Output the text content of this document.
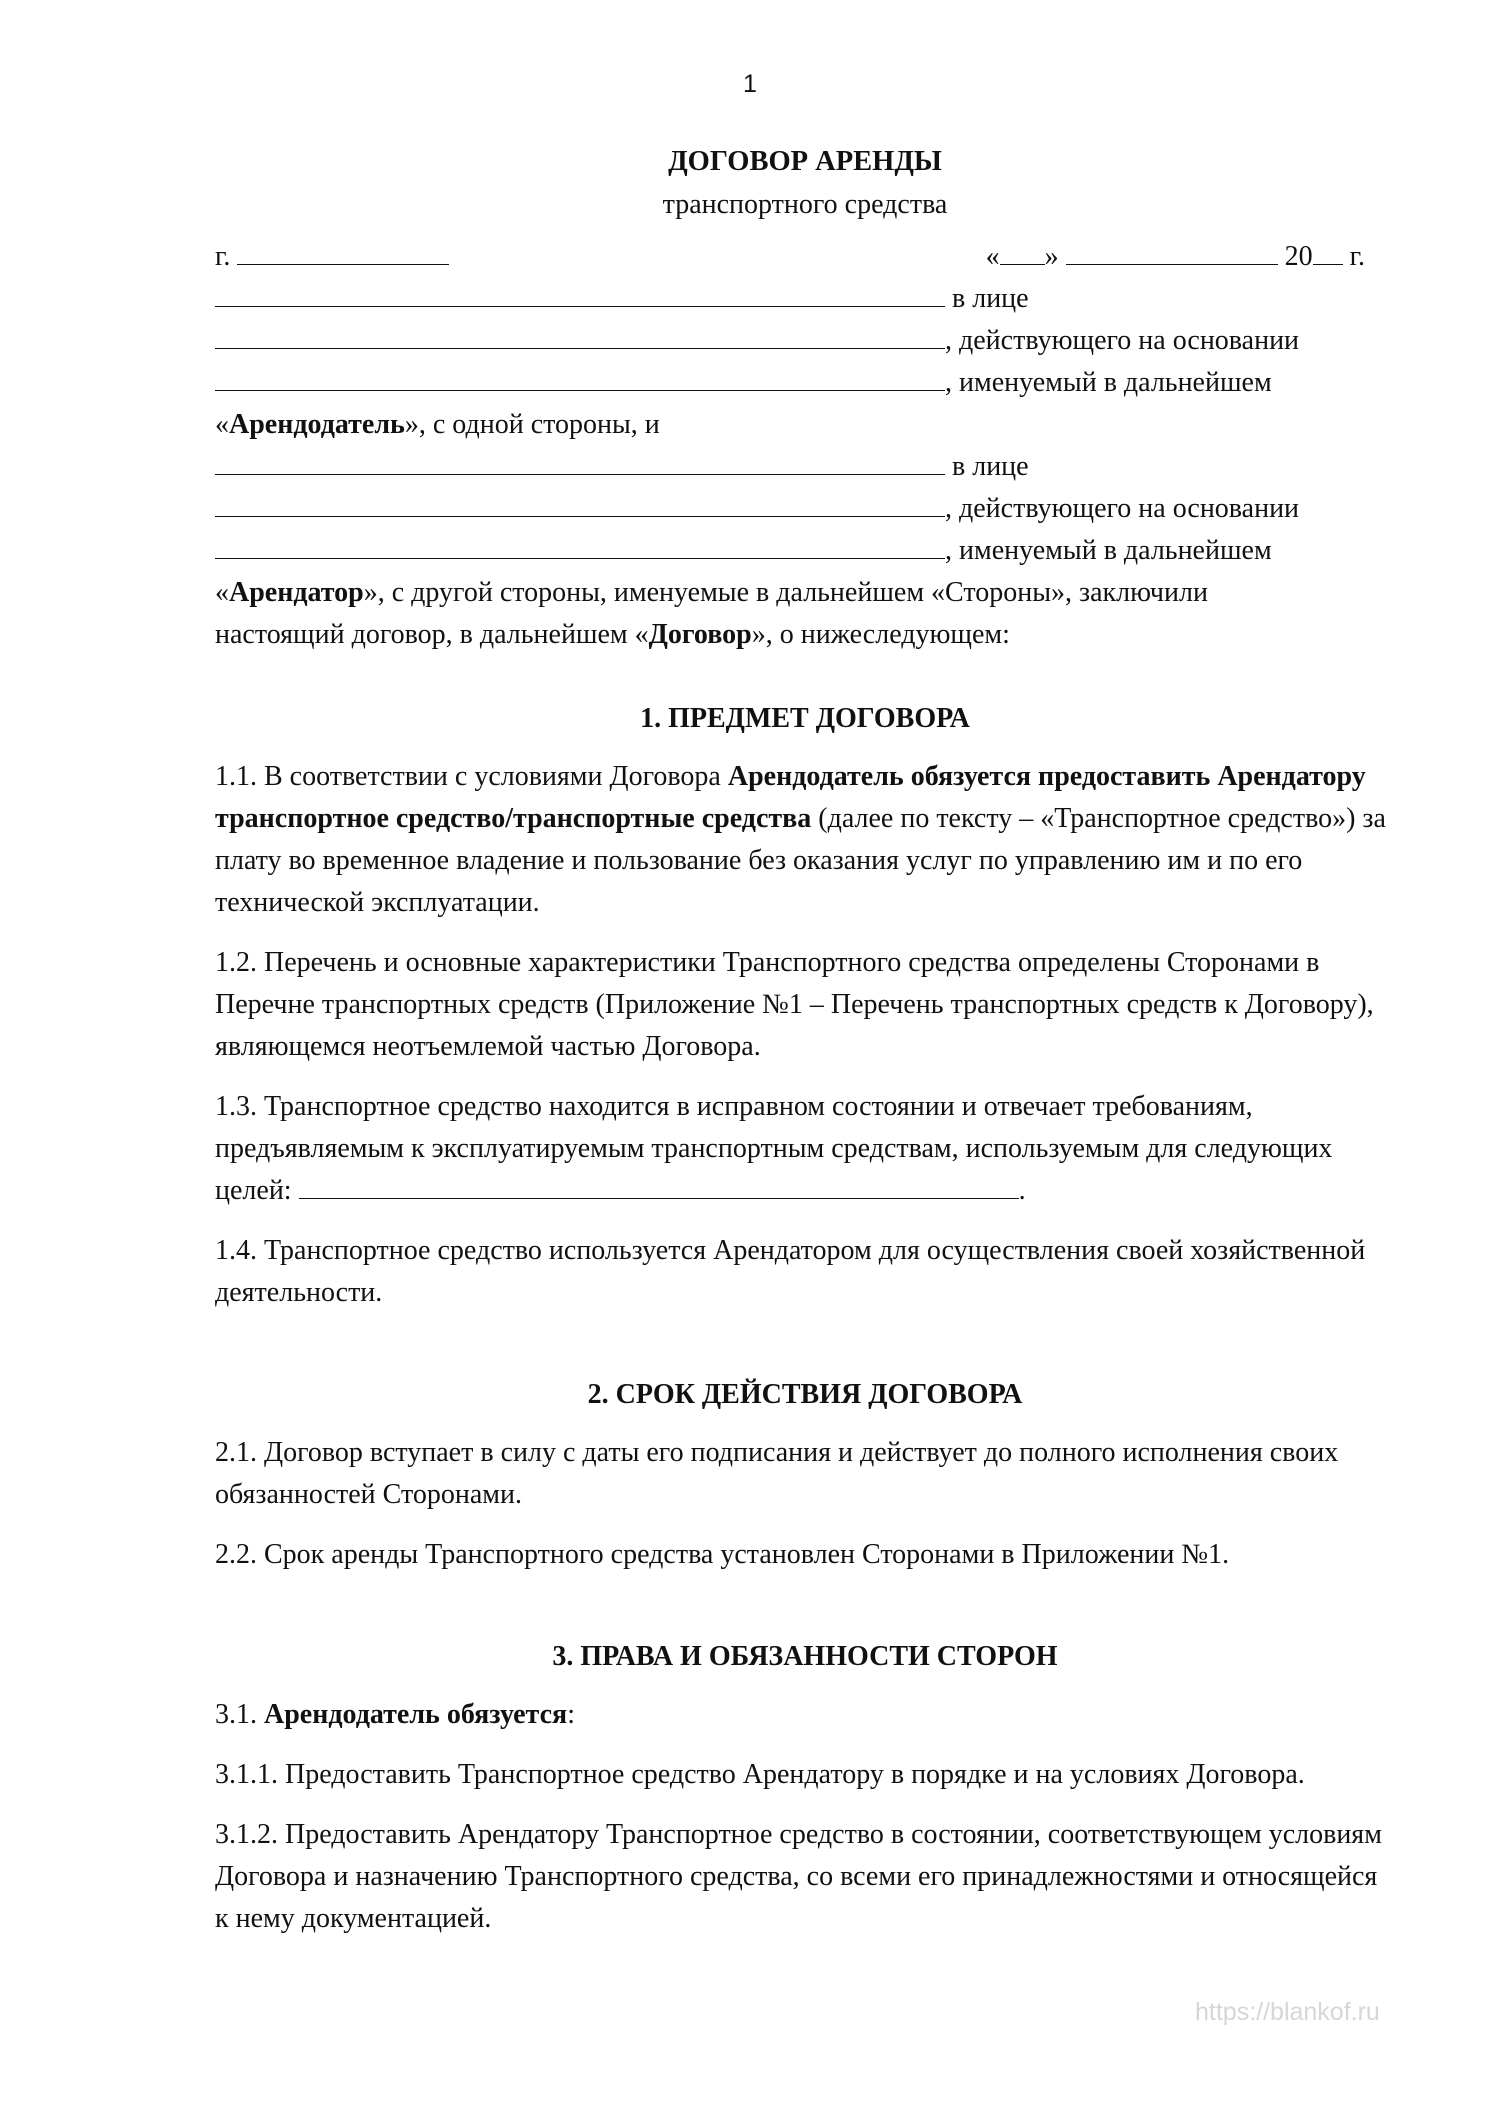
1
ДОГОВОР АРЕНДЫ
транспортного средства
г.	« »	20 г.
в лице
, действующего на основании
, именуемый в дальнейшем
«Арендодатель», с одной стороны, и
в лице
, действующего на основании
, именуемый в дальнейшем
«Арендатор», с другой стороны, именуемые в дальнейшем «Стороны», заключили
настоящий договор, в дальнейшем «Договор», о нижеследующем:
1. ПРЕДМЕТ ДОГОВОРА

1.1. В соответствии с условиями Договора Арендодатель обязуется предоставить Арендатору транспортное средство/транспортные средства (далее по тексту – «Транспортное средство») за плату во временное владение и пользование без оказания услуг по управлению им и по его технической эксплуатации.

1.2. Перечень и основные характеристики Транспортного средства определены Сторонами в Перечне транспортных средств (Приложение №1 – Перечень транспортных средств к Договору), являющемся неотъемлемой частью Договора.

1.3. Транспортное средство находится в исправном состоянии и отвечает требованиям, предъявляемым к эксплуатируемым транспортным средствам, используемым для следующих целей:	.

1.4. Транспортное средство используется Арендатором для осуществления своей хозяйственной деятельности.

2. СРОК ДЕЙСТВИЯ ДОГОВОРА

2.1. Договор вступает в силу с даты его подписания и действует до полного исполнения своих обязанностей Сторонами.

2.2. Срок аренды Транспортного средства установлен Сторонами в Приложении №1.

3. ПРАВА И ОБЯЗАННОСТИ СТОРОН

3.1. Арендодатель обязуется:

3.1.1. Предоставить Транспортное средство Арендатору в порядке и на условиях Договора.

3.1.2. Предоставить Арендатору Транспортное средство в состоянии, соответствующем условиям Договора и назначению Транспортного средства, со всеми его принадлежностями и относящейся к нему документацией.

https://blankof.ru
